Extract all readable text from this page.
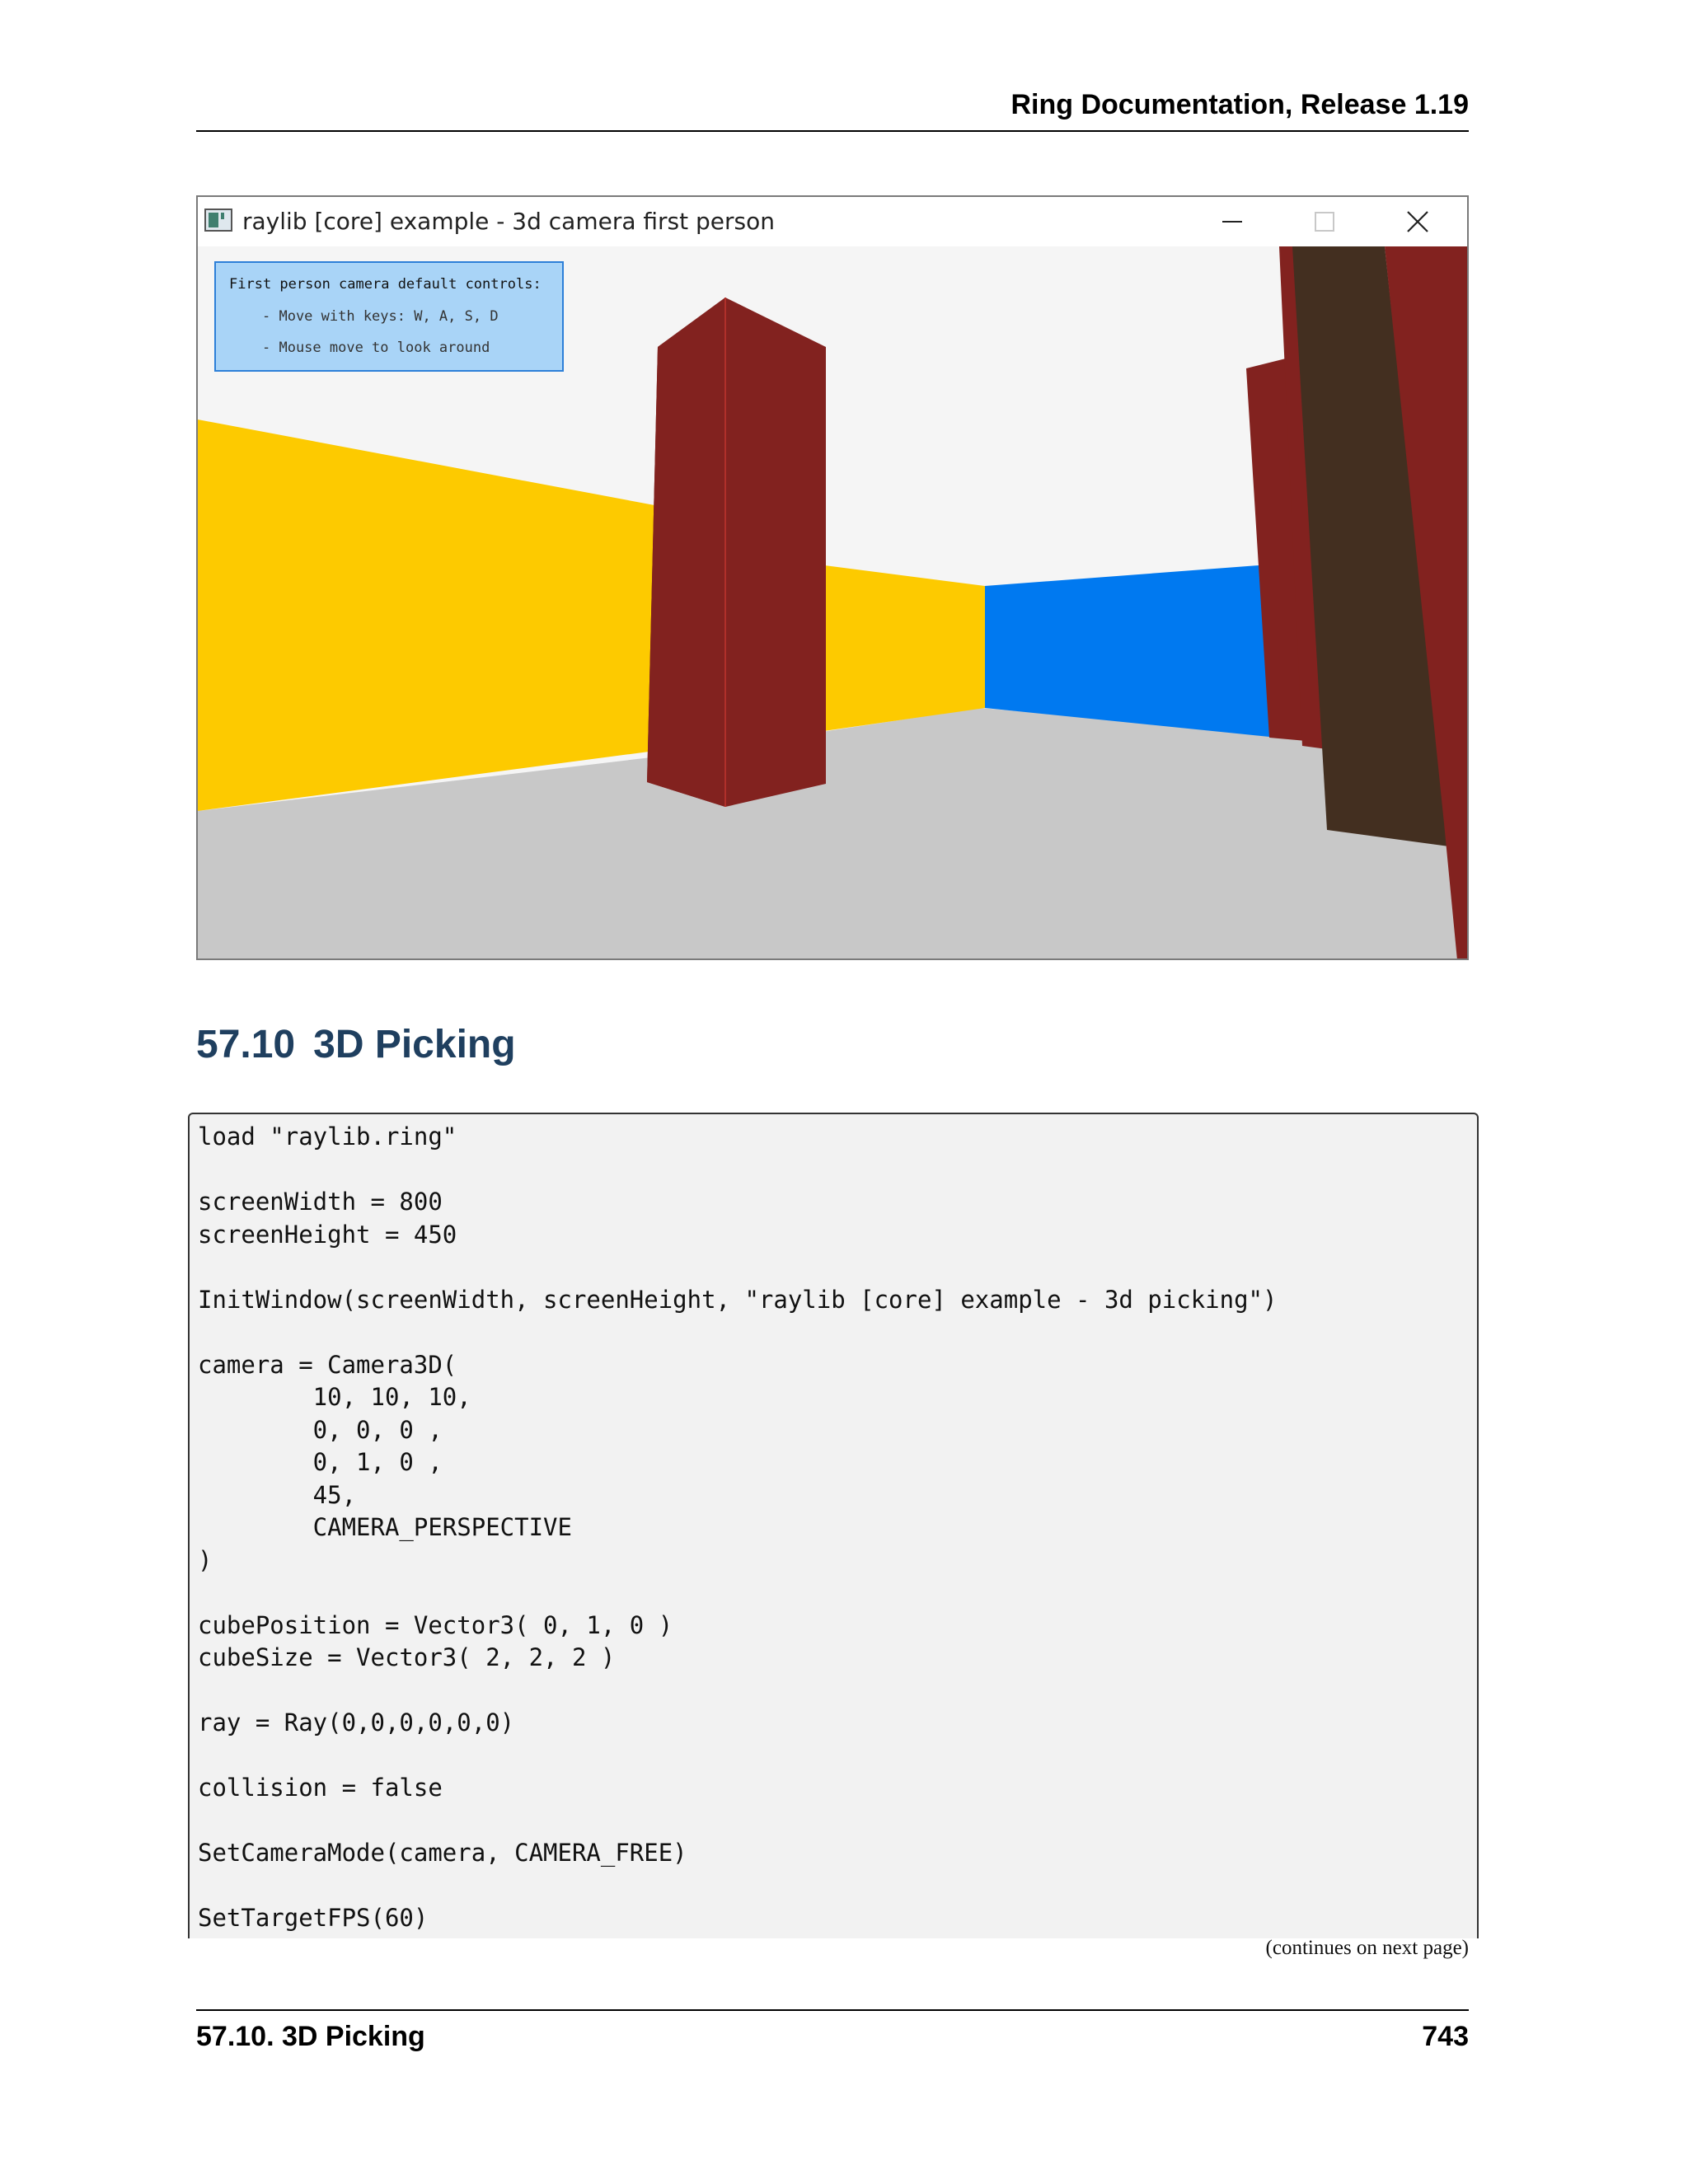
Ring Documentation, Release 1.19
raylib [core] example - 3d camera first person
First person camera default controls:
- Move with keys: W, A, S, D
- Mouse move to look around
57.10 3D Picking
load "raylib.ring"
screenWidth = 800
screenHeight = 450
InitWindow(screenWidth, screenHeight, "raylib [core] example - 3d picking")
camera = Camera3D(
10, 10, 10,
0, 0, 0 ,
0, 1, 0 ,
45,
CAMERA_PERSPECTIVE
)
cubePosition = Vector3( 0, 1, 0 )
cubeSize = Vector3( 2, 2, 2 )
ray = Ray(0,0,0,0,0,0)
collision = false
SetCameraMode(camera, CAMERA_FREE)
SetTargetFPS(60)
(continues on next page)
57.10. 3D Picking	743
